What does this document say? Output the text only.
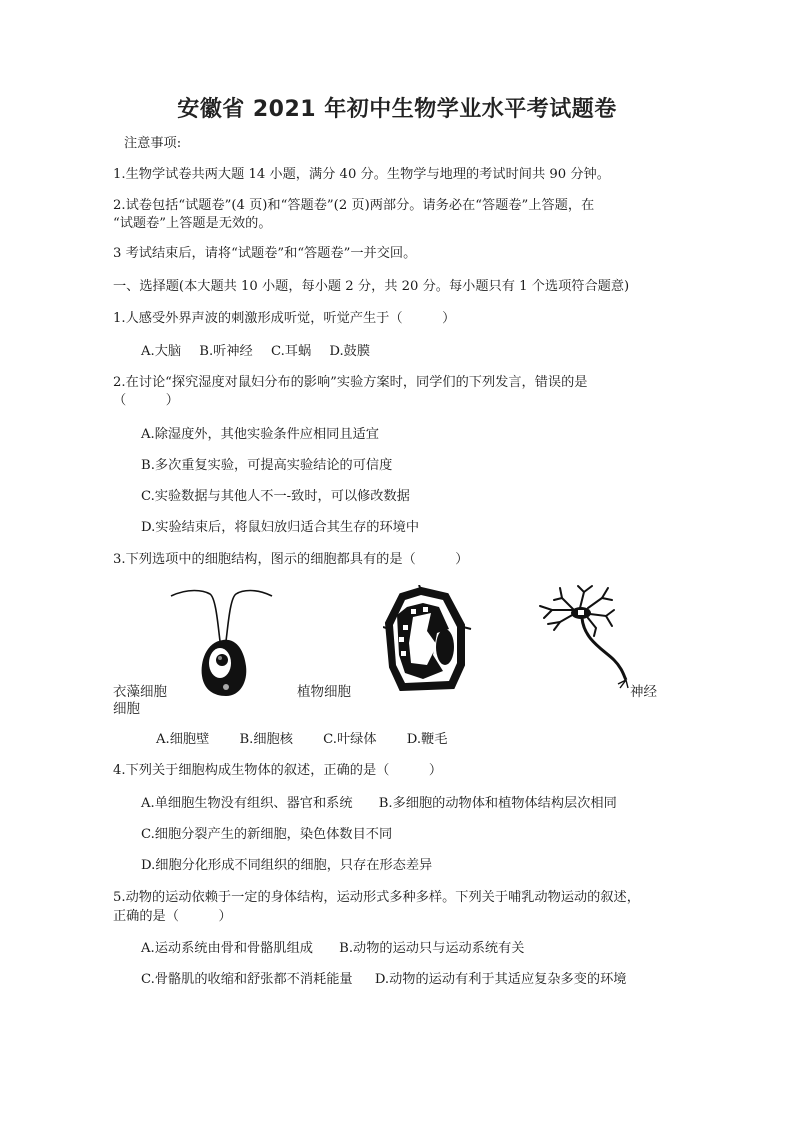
安徽省 2021 年初中生物学业水平考试题卷
注意事项:
1.生物学试卷共两大题 14 小题，满分 40 分。生物学与地理的考试时间共 90 分钟。
2.试卷包括“试题卷”(4 页)和“答题卷”(2 页)两部分。请务必在“答题卷”上答题，在
“试题卷”上答题是无效的。
3 考试结束后，请将“试题卷”和“答题卷”一并交回。
一、选择题(本大题共 10 小题，每小题 2 分，共 20 分。每小题只有 1 个选项符合题意)
1.人感受外界声波的刺激形成听觉，听觉产生于（　　　）
A.大脑 B.听神经 C.耳蜗 D.鼓膜
2.在讨论“探究湿度对鼠妇分布的影响”实验方案时，同学们的下列发言，错误的是
（　　　）
A.除湿度外，其他实验条件应相同且适宜
B.多次重复实验，可提高实验结论的可信度
C.实验数据与其他人不一-致时，可以修改数据
D.实验结束后，将鼠妇放归适合其生存的环境中
3.下列选项中的细胞结构，图示的细胞都具有的是（　　　）
衣藻细胞
细胞
植物细胞	神经
A.细胞壁 B.细胞核 C.叶绿体 D.鞭毛
4.下列关于细胞构成生物体的叙述，正确的是（　　　）
A.单细胞生物没有组织、器官和系统 B.多细胞的动物体和植物体结构层次相同
C.细胞分裂产生的新细胞，染色体数目不同
D.细胞分化形成不同组织的细胞，只存在形态差异
5.动物的运动依赖于一定的身体结构，运动形式多种多样。下列关于哺乳动物运动的叙述，
正确的是（　　　）
A.运动系统由骨和骨骼肌组成 B.动物的运动只与运动系统有关
C.骨骼肌的收缩和舒张都不消耗能量 D.动物的运动有利于其适应复杂多变的环境
